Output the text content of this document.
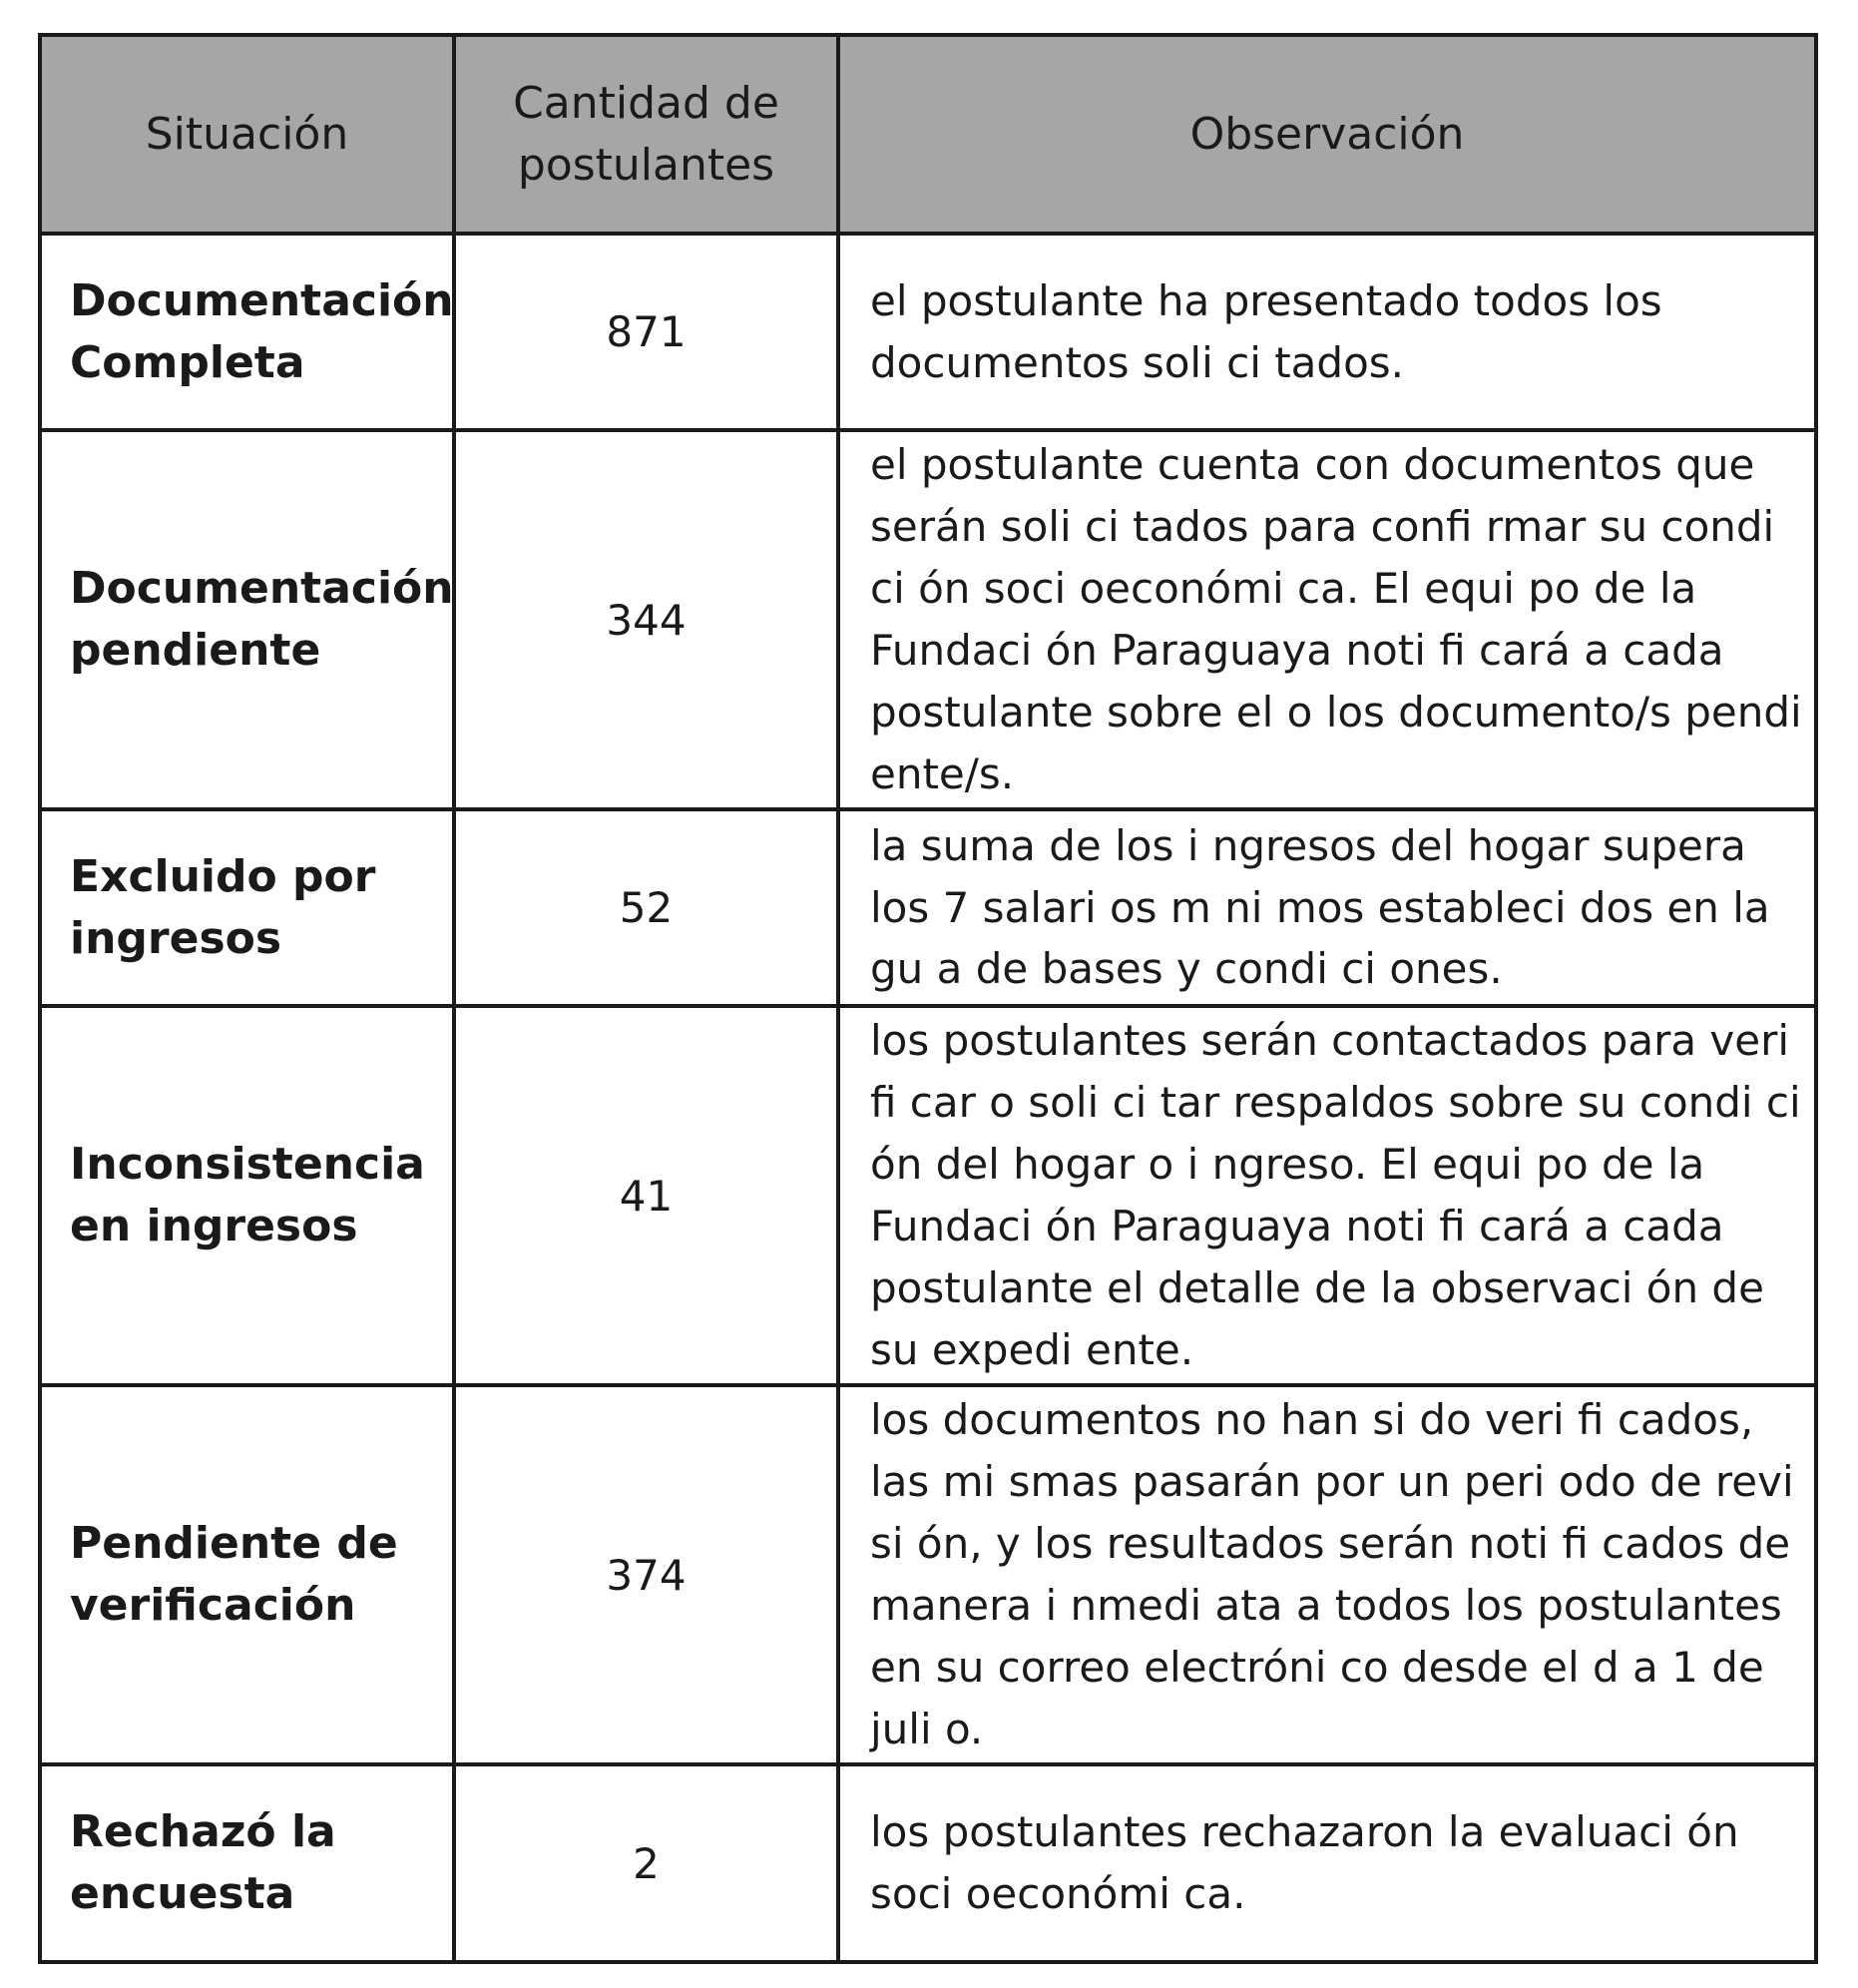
Situación	Cantidad de postulantes	Observación
Documentación Completa	871	el postulante ha presentado todos los documentos soli ci tados.
Documentación pendiente	344	el postulante cuenta con documentos que serán soli ci tados para confi rmar su condi ci ón soci oeconómi ca. El equi po de la Fundaci ón Paraguaya noti fi cará a cada postulante sobre el o los documento/s pendi ente/s.
Excluido por ingresos	52	la suma de los i ngresos del hogar supera los 7 salari os m ni mos estableci dos en la gu a de bases y condi ci ones.
Inconsistencia en ingresos	41	los postulantes serán contactados para veri fi car o soli ci tar respaldos sobre su condi ci ón del hogar o i ngreso. El equi po de la Fundaci ón Paraguaya noti fi cará a cada postulante el detalle de la observaci ón de su expedi ente.
Pendiente de verificación	374	los documentos no han si do veri fi cados, las mi smas pasarán por un peri odo de revi si ón, y los resultados serán noti fi cados de manera i nmedi ata a todos los postulantes en su correo electróni co desde el d a 1 de juli o.
Rechazó la encuesta	2	los postulantes rechazaron la evaluaci ón soci oeconómi ca.
